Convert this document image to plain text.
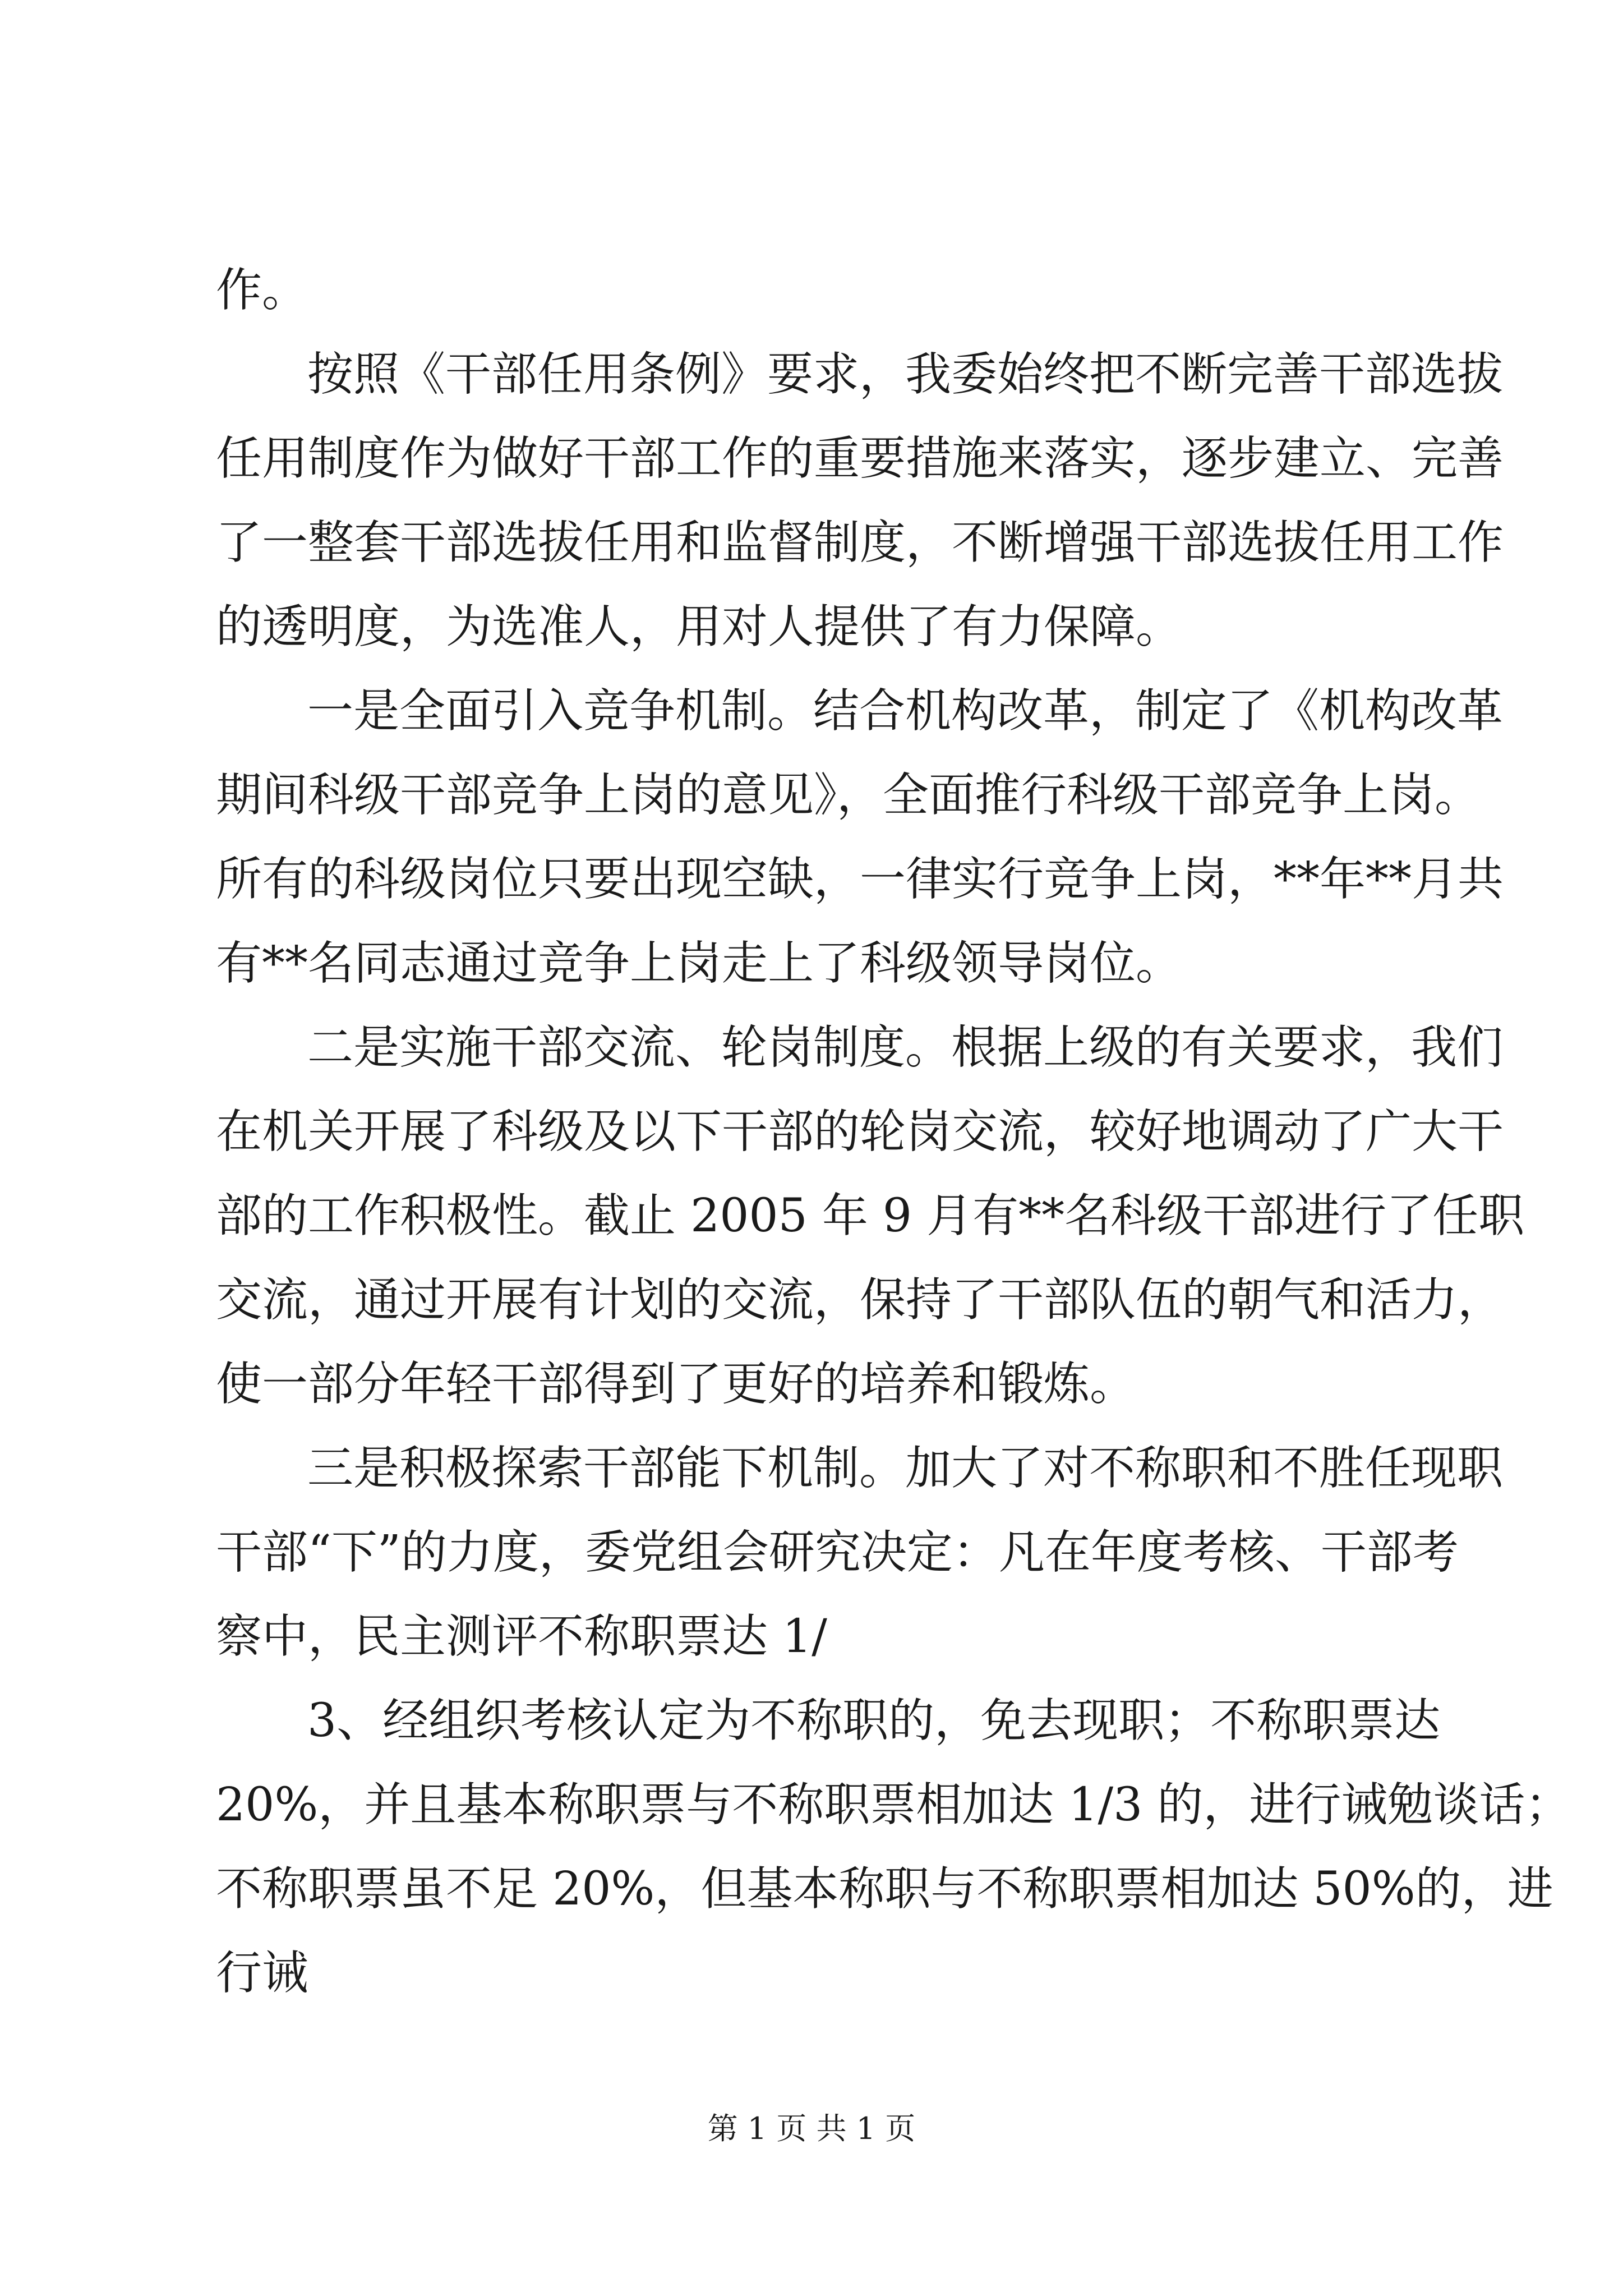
作。
按照《干部任用条例》要求，我委始终把不断完善干部选拔
任用制度作为做好干部工作的重要措施来落实，逐步建立、完善
了一整套干部选拔任用和监督制度，不断增强干部选拔任用工作
的透明度，为选准人，用对人提供了有力保障。
一是全面引入竞争机制。结合机构改革，制定了《机构改革
期间科级干部竞争上岗的意见》，全面推行科级干部竞争上岗。
所有的科级岗位只要出现空缺，一律实行竞争上岗，**年**月共
有**名同志通过竞争上岗走上了科级领导岗位。
二是实施干部交流、轮岗制度。根据上级的有关要求，我们
在机关开展了科级及以下干部的轮岗交流，较好地调动了广大干
部的工作积极性。截止 2005 年 9 月有**名科级干部进行了任职
交流，通过开展有计划的交流，保持了干部队伍的朝气和活力，
使一部分年轻干部得到了更好的培养和锻炼。
三是积极探索干部能下机制。加大了对不称职和不胜任现职
干部“下”的力度，委党组会研究决定：凡在年度考核、干部考
察中，民主测评不称职票达 1/
3、经组织考核认定为不称职的，免去现职；不称职票达
20%，并且基本称职票与不称职票相加达 1/3 的，进行诫勉谈话；
不称职票虽不足 20%，但基本称职与不称职票相加达 50%的，进
行诫
第 1 页 共 1 页
